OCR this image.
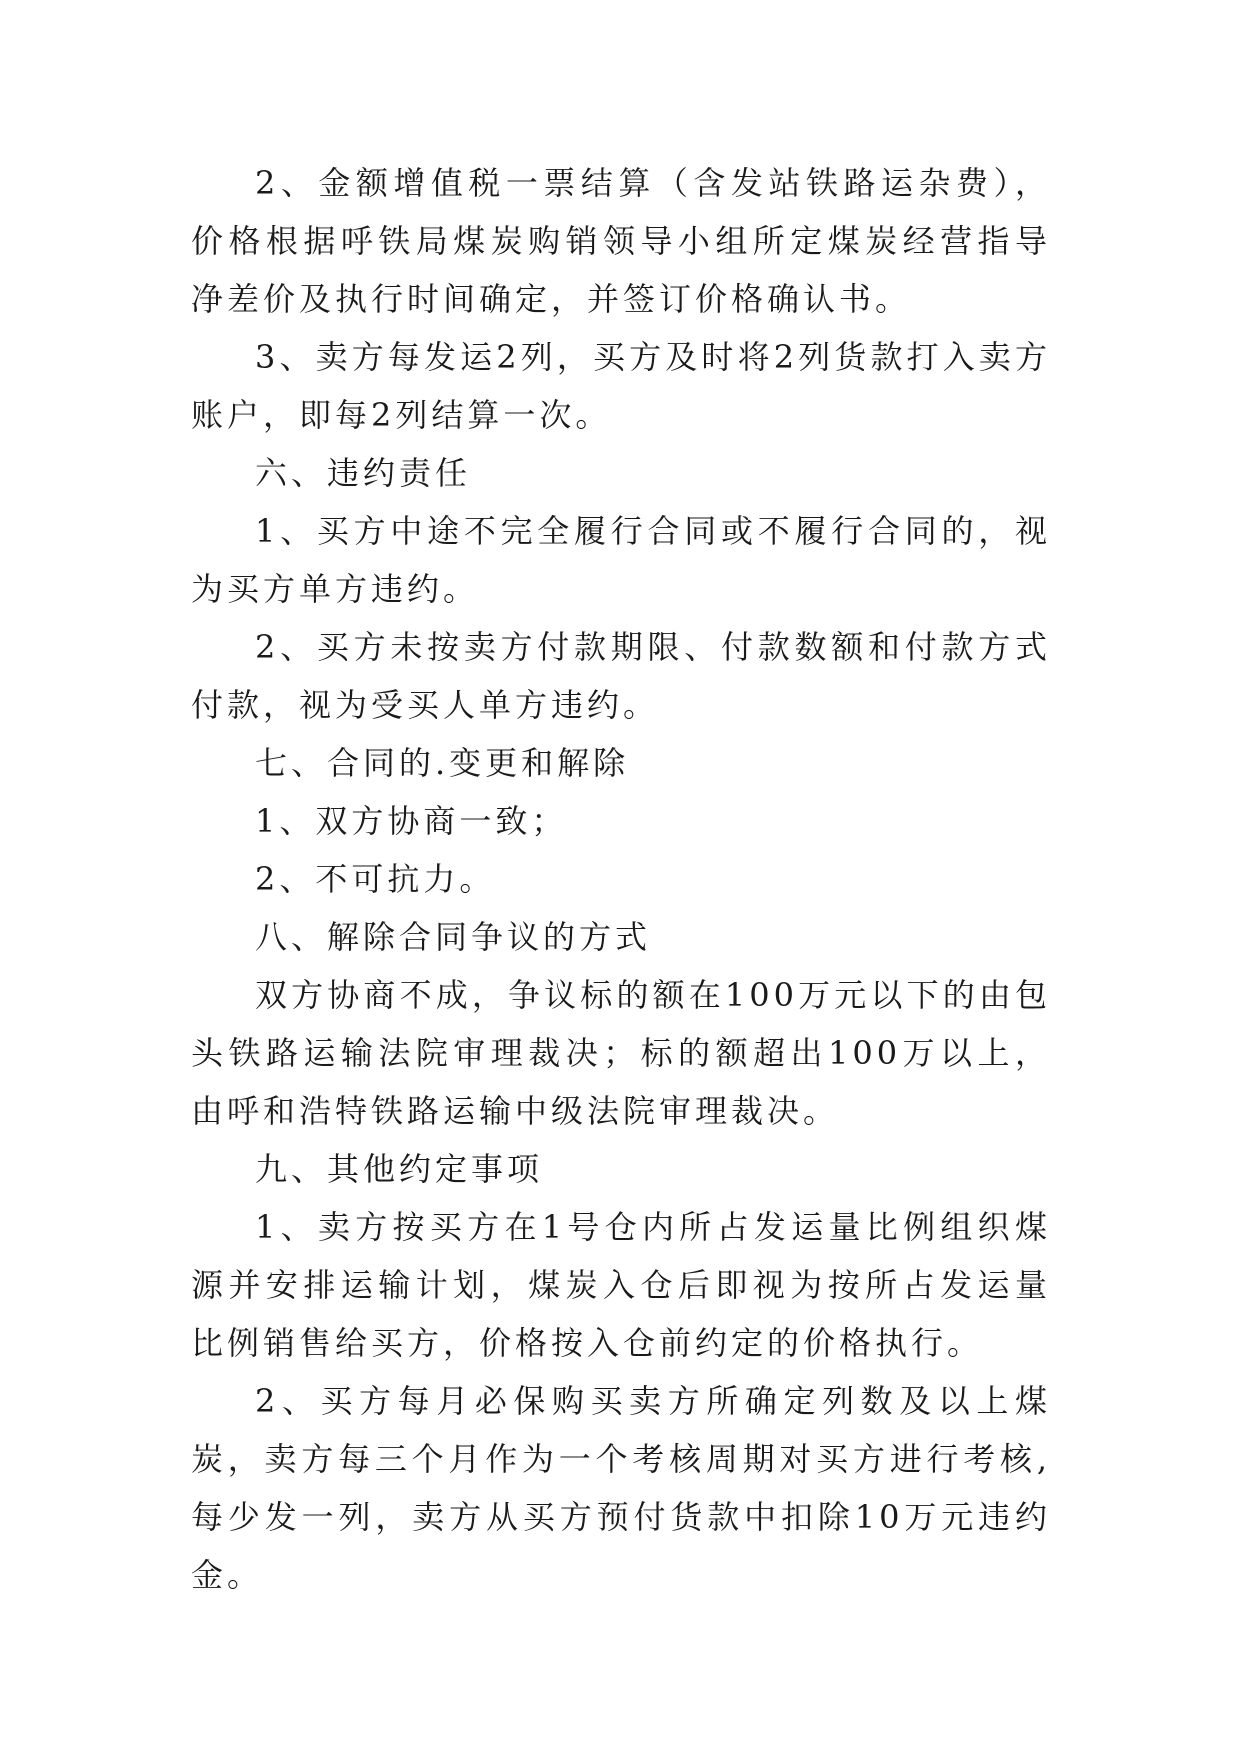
2、金额增值税一票结算（含发站铁路运杂费），价格根据呼铁局煤炭购销领导小组所定煤炭经营指导净差价及执行时间确定，并签订价格确认书。

3、卖方每发运2列，买方及时将2列货款打入卖方账户，即每2列结算一次。

六、违约责任

1、买方中途不完全履行合同或不履行合同的，视为买方单方违约。

2、买方未按卖方付款期限、付款数额和付款方式付款，视为受买人单方违约。

七、合同的.变更和解除

1、双方协商一致；

2、不可抗力。

八、解除合同争议的方式

双方协商不成，争议标的额在100万元以下的由包头铁路运输法院审理裁决；标的额超出100万以上，由呼和浩特铁路运输中级法院审理裁决。

九、其他约定事项

1、卖方按买方在1号仓内所占发运量比例组织煤源并安排运输计划，煤炭入仓后即视为按所占发运量比例销售给买方，价格按入仓前约定的价格执行。

2、买方每月必保购买卖方所确定列数及以上煤炭，卖方每三个月作为一个考核周期对买方进行考核,每少发一列，卖方从买方预付货款中扣除10万元违约金。
